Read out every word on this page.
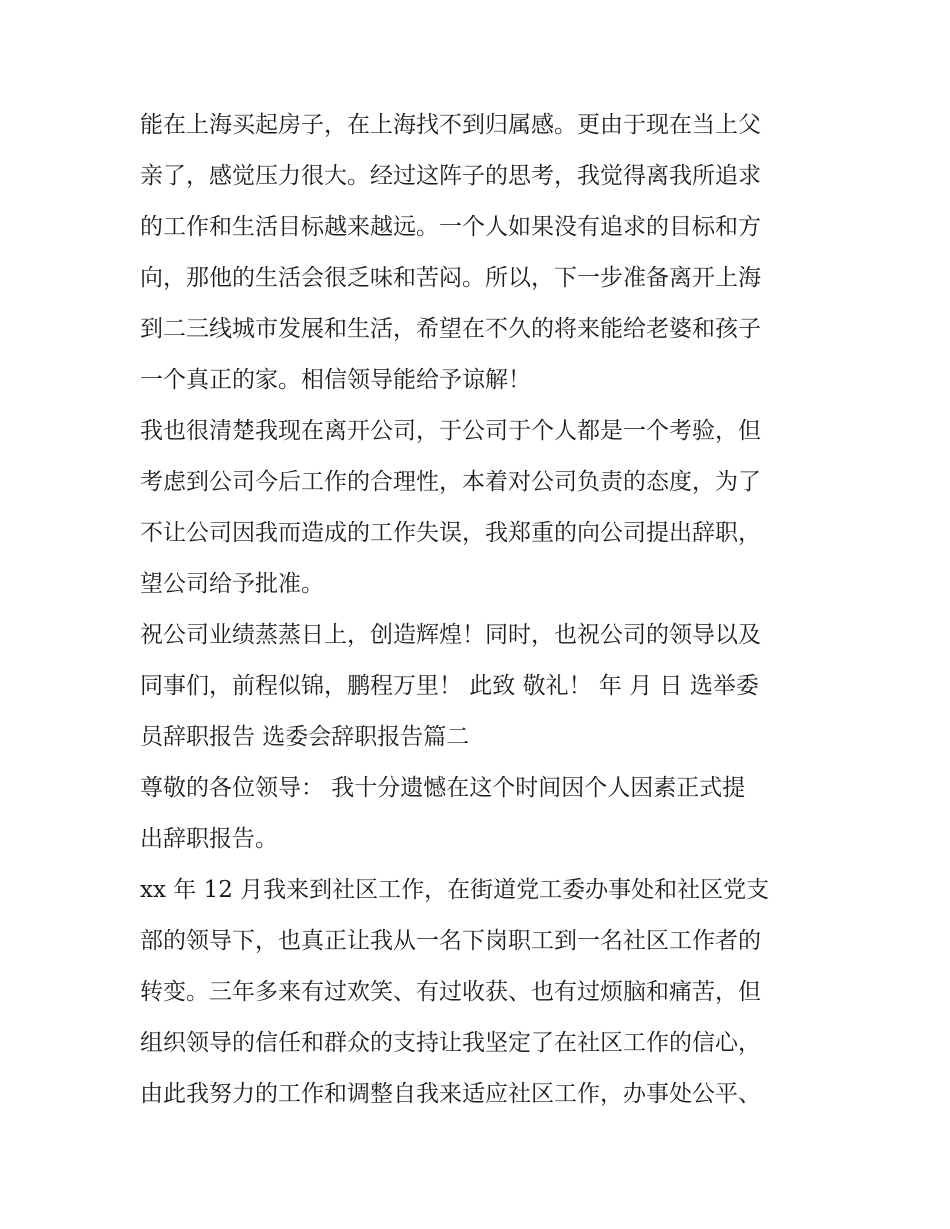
能在上海买起房子，在上海找不到归属感。更由于现在当上父
亲了，感觉压力很大。经过这阵子的思考，我觉得离我所追求
的工作和生活目标越来越远。一个人如果没有追求的目标和方
向，那他的生活会很乏味和苦闷。所以，下一步准备离开上海
到二三线城市发展和生活，希望在不久的将来能给老婆和孩子
一个真正的家。相信领导能给予谅解！

我也很清楚我现在离开公司，于公司于个人都是一个考验，但
考虑到公司今后工作的合理性，本着对公司负责的态度，为了
不让公司因我而造成的工作失误，我郑重的向公司提出辞职，
望公司给予批准。

祝公司业绩蒸蒸日上，创造辉煌！同时，也祝公司的领导以及
同事们，前程似锦，鹏程万里！ 此致 敬礼！ 年 月 日 选举委
员辞职报告 选委会辞职报告篇二

尊敬的各位领导： 我十分遗憾在这个时间因个人因素正式提
出辞职报告。

xx 年 12 月我来到社区工作，在街道党工委办事处和社区党支
部的领导下，也真正让我从一名下岗职工到一名社区工作者的
转变。三年多来有过欢笑、有过收获、也有过烦脑和痛苦，但
组织领导的信任和群众的支持让我坚定了在社区工作的信心，
由此我努力的工作和调整自我来适应社区工作，办事处公平、
